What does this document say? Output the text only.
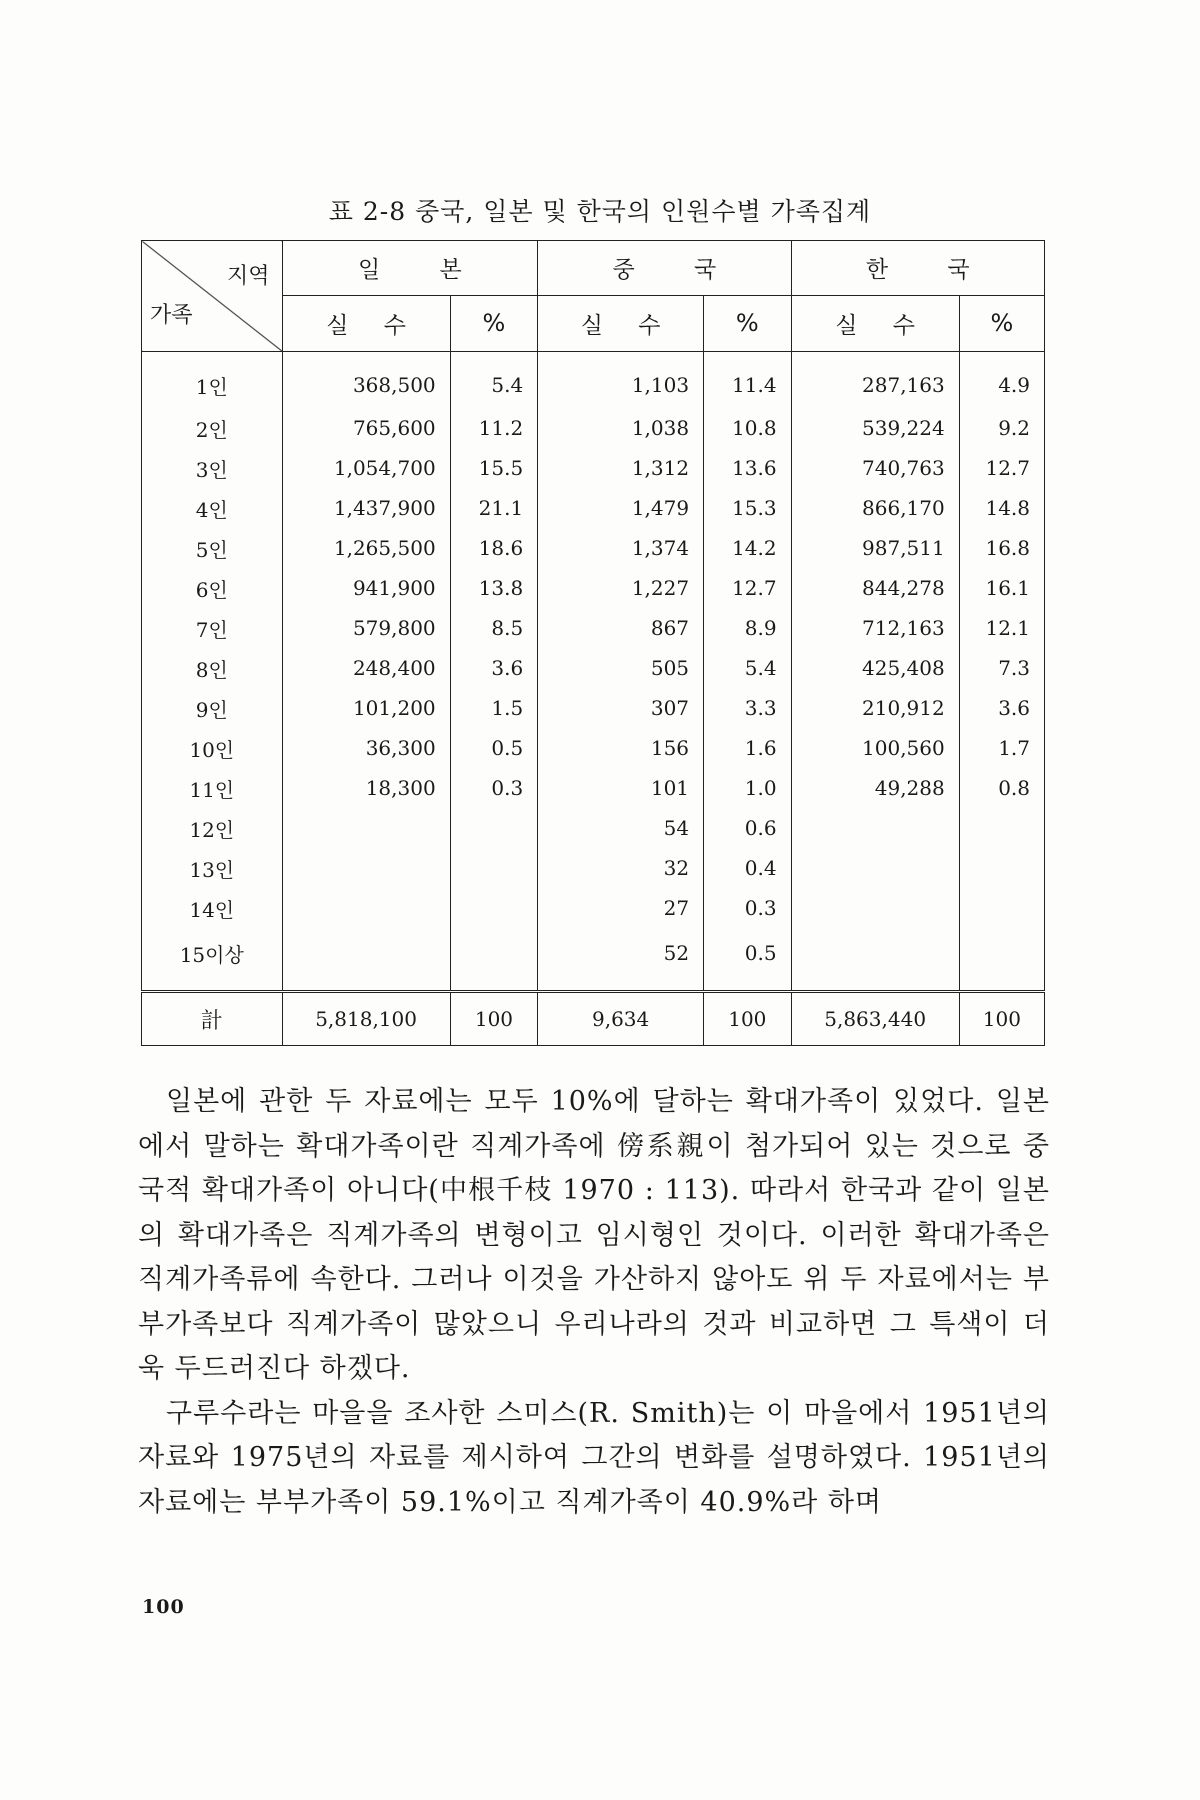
표 2-8 중국, 일본 및 한국의 인원수별 가족집계
지역
가족	일 본		중 국		한 국	
	실 수	%	실 수	%	실 수	%
1인	368,500	5.4	1,103	11.4	287,163	4.9
2인	765,600	11.2	1,038	10.8	539,224	9.2
3인	1,054,700	15.5	1,312	13.6	740,763	12.7
4인	1,437,900	21.1	1,479	15.3	866,170	14.8
5인	1,265,500	18.6	1,374	14.2	987,511	16.8
6인	941,900	13.8	1,227	12.7	844,278	16.1
7인	579,800	8.5	867	8.9	712,163	12.1
8인	248,400	3.6	505	5.4	425,408	7.3
9인	101,200	1.5	307	3.3	210,912	3.6
10인	36,300	0.5	156	1.6	100,560	1.7
11인	18,300	0.3	101	1.0	49,288	0.8
12인			54	0.6		
13인			32	0.4		
14인			27	0.3		
15이상			52	0.5		
計	5,818,100	100	9,634	100	5,863,440	100

일본에 관한 두 자료에는 모두 10%에 달하는 확대가족이 있었다. 일본에서 말하는 확대가족이란 직계가족에 傍系親이 첨가되어 있는 것으로 중국적 확대가족이 아니다(中根千枝 1970 : 113). 따라서 한국과 같이 일본의 확대가족은 직계가족의 변형이고 임시형인 것이다. 이러한 확대가족은 직계가족류에 속한다. 그러나 이것을 가산하지 않아도 위 두 자료에서는 부부가족보다 직계가족이 많았으니 우리나라의 것과 비교하면 그 특색이 더욱 두드러진다 하겠다.

구루수라는 마을을 조사한 스미스(R. Smith)는 이 마을에서 1951년의 자료와 1975년의 자료를 제시하여 그간의 변화를 설명하였다. 1951년의 자료에는 부부가족이 59.1%이고 직계가족이 40.9%라 하며

100
